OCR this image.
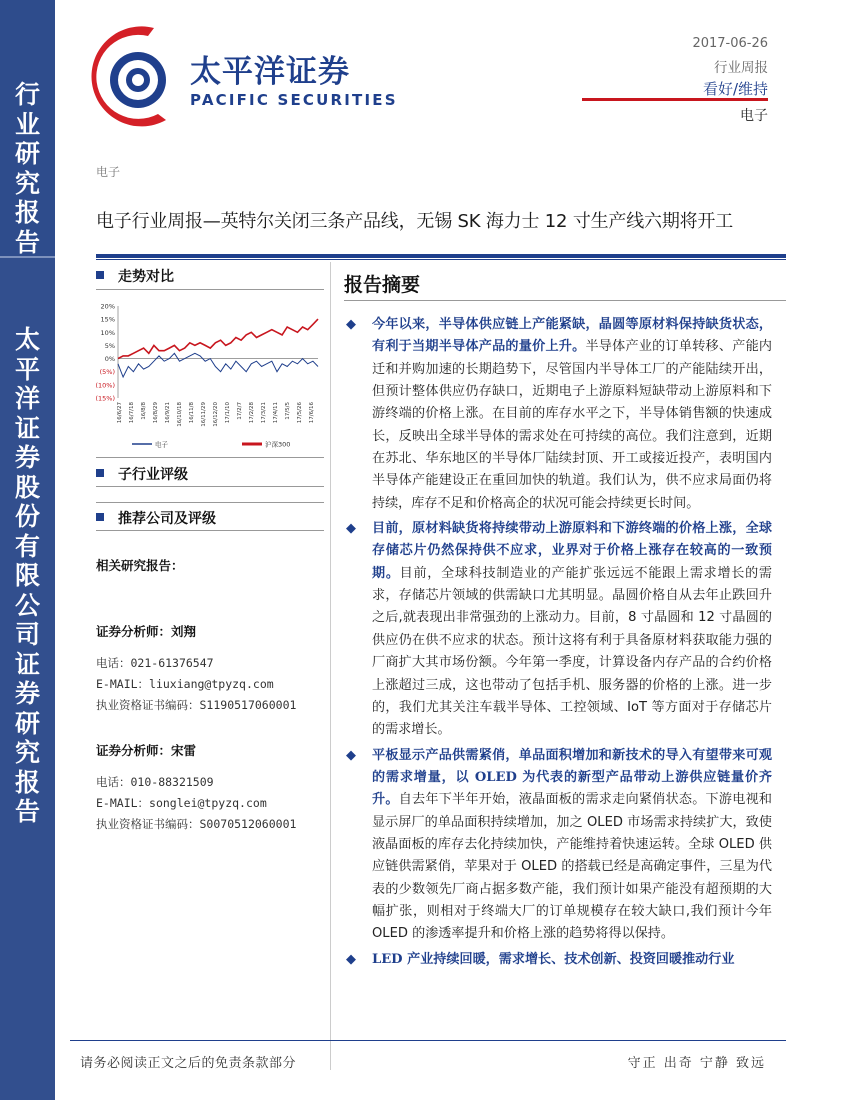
行
业
研
究
报
告
太
平
洋
证
券
股
份
有
限
公
司
证
券
研
究
报
告
太平洋证券
PACIFIC SECURITIES
2017-06-26
行业周报
看好/维持
电子
电子
电子行业周报—英特尔关闭三条产品线，无锡 SK 海力士 12 寸生产线六期将开工
走势对比
20%
15%
10%
5%
0%
(5%)
(10%)
(15%)
16/6/27 16/7/18 16/8/8 16/8/29 16/9/21 16/10/18 16/11/8 16/11/29 16/12/20 17/1/10 17/2/7 17/2/28 17/3/21 17/4/11 17/5/5 17/5/26 17/6/16
电子	沪深300
子行业评级
推荐公司及评级
相关研究报告：
证券分析师：刘翔
电话：021-61376547
E-MAIL：liuxiang@tpyzq.com
执业资格证书编码：S1190517060001
证券分析师：宋雷
电话：010-88321509
E-MAIL：songlei@tpyzq.com
执业资格证书编码：S0070512060001
报告摘要
◆ 今年以来，半导体供应链上产能紧缺，晶圆等原材料保持缺货状态，有利于当期半导体产品的量价上升。半导体产业的订单转移、产能内迁和并购加速的长期趋势下，尽管国内半导体工厂的产能陆续开出，但预计整体供应仍存缺口，近期电子上游原料短缺带动上游原料和下游终端的价格上涨。在目前的库存水平之下，半导体销售额的快速成长，反映出全球半导体的需求处在可持续的高位。我们注意到，近期在苏北、华东地区的半导体厂陆续封顶、开工或接近投产，表明国内半导体产能建设正在重回加快的轨道。我们认为，供不应求局面仍将持续，库存不足和价格高企的状况可能会持续更长时间。
◆ 目前，原材料缺货将持续带动上游原料和下游终端的价格上涨，全球存储芯片仍然保持供不应求，业界对于价格上涨存在较高的一致预期。目前，全球科技制造业的产能扩张远远不能跟上需求增长的需求，存储芯片领域的供需缺口尤其明显。晶圆价格自从去年止跌回升之后,就表现出非常强劲的上涨动力。目前，8 寸晶圆和 12 寸晶圆的供应仍在供不应求的状态。预计这将有利于具备原材料获取能力强的厂商扩大其市场份额。今年第一季度，计算设备内存产品的合约价格上涨超过三成，这也带动了包括手机、服务器的价格的上涨。进一步的，我们尤其关注车载半导体、工控领域、IoT 等方面对于存储芯片的需求增长。
◆ 平板显示产品供需紧俏，单品面积增加和新技术的导入有望带来可观的需求增量，以 OLED 为代表的新型产品带动上游供应链量价齐升。自去年下半年开始，液晶面板的需求走向紧俏状态。下游电视和显示屏厂的单品面积持续增加，加之 OLED 市场需求持续扩大，致使液晶面板的库存去化持续加快，产能维持着快速运转。全球 OLED 供应链供需紧俏，苹果对于 OLED 的搭载已经是高确定事件，三星为代表的少数领先厂商占据多数产能，我们预计如果产能没有超预期的大幅扩张，则相对于终端大厂的订单规模存在较大缺口,我们预计今年 OLED 的渗透率提升和价格上涨的趋势将得以保持。
◆ LED 产业持续回暖，需求增长、技术创新、投资回暖推动行业
请务必阅读正文之后的免责条款部分	守正 出奇 宁静 致远
